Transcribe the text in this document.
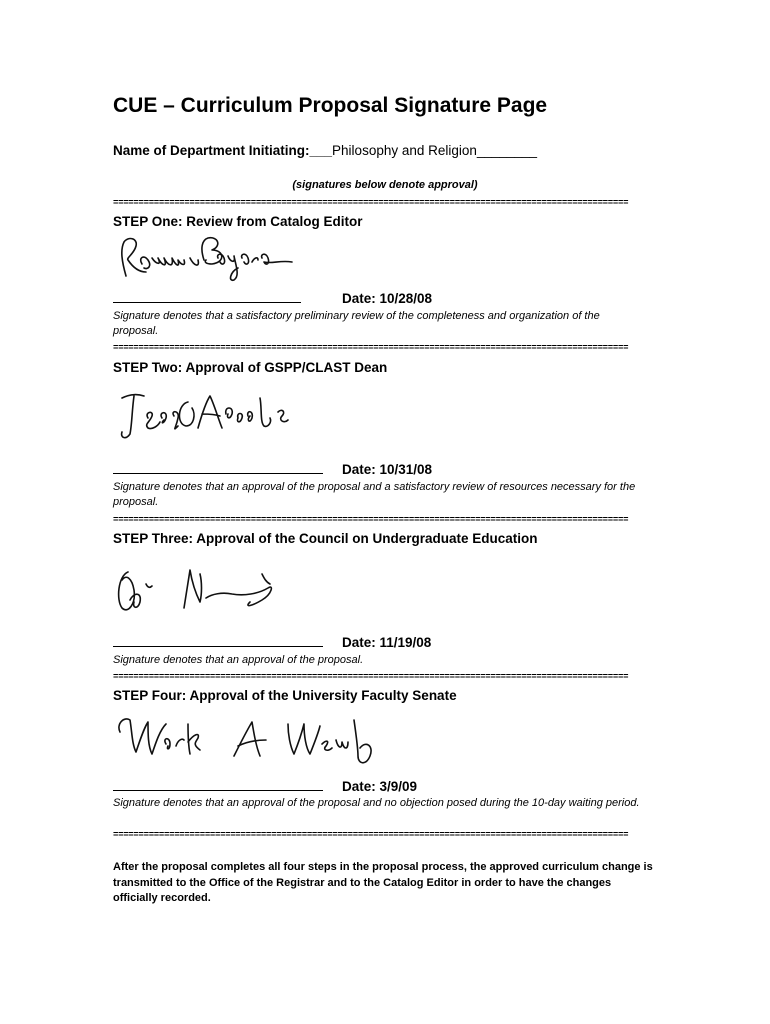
CUE – Curriculum Proposal Signature Page
Name of Department Initiating:___Philosophy and Religion________
(signatures below denote approval)
=====================================================================================================
STEP One: Review from Catalog Editor
Date: 10/28/08
Signature denotes that a satisfactory preliminary review of the completeness and organization of the proposal.
=====================================================================================================
STEP Two: Approval of GSPP/CLAST Dean
Date: 10/31/08
Signature denotes that an approval of the proposal and a satisfactory review of resources necessary for the proposal.
=====================================================================================================
STEP Three: Approval of the Council on Undergraduate Education
Date: 11/19/08
Signature denotes that an approval of the proposal.
=====================================================================================================
STEP Four: Approval of the University Faculty Senate
Date: 3/9/09
Signature denotes that an approval of the proposal and no objection posed during the 10-day waiting period.
=====================================================================================================
After the proposal completes all four steps in the proposal process, the approved curriculum change is transmitted to the Office of the Registrar and to the Catalog Editor in order to have the changes officially recorded.
